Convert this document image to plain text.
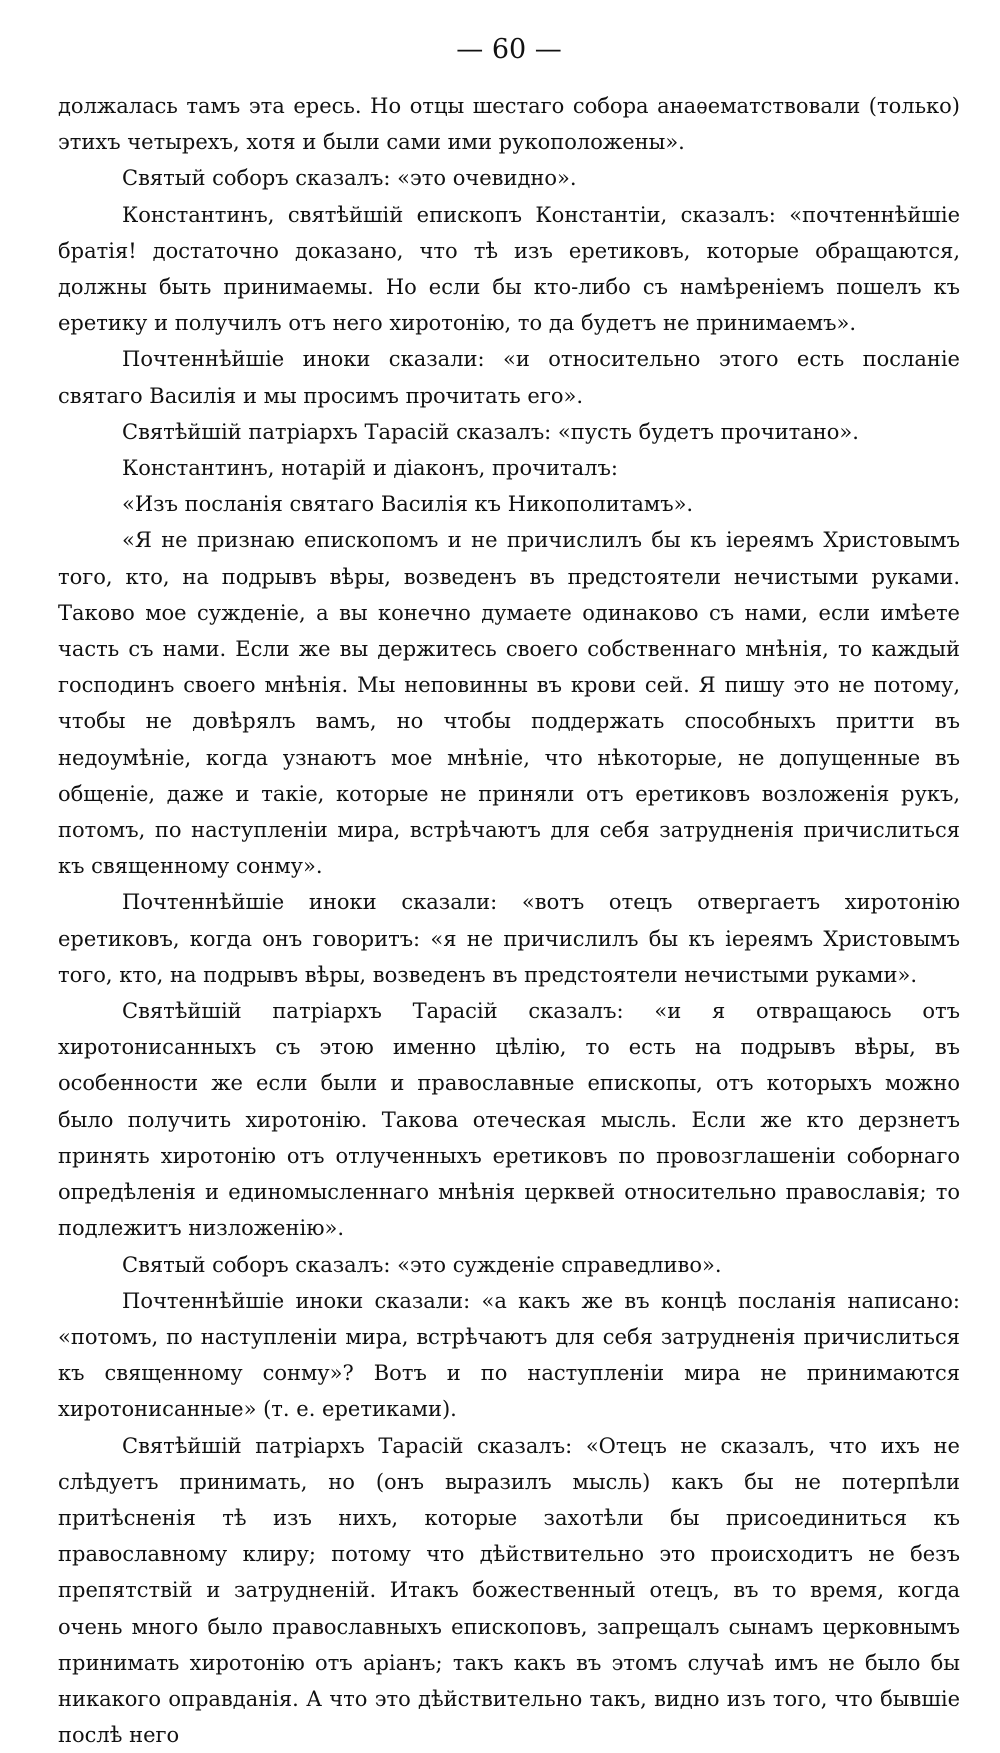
— 60 —

должалась тамъ эта ересь. Но отцы шестаго собора анаѳематствовали (только) этихъ четырехъ, хотя и были сами ими рукоположены».

Святый соборъ сказалъ: «это очевидно».

Константинъ, святѣйшій епископъ Константіи, сказалъ: «почтеннѣйшіе братія! достаточно доказано, что тѣ изъ еретиковъ, которые обращаются, должны быть принимаемы. Но если бы кто-либо съ намѣреніемъ пошелъ къ еретику и получилъ отъ него хиротонію, то да будетъ не принимаемъ».

Почтеннѣйшіе иноки сказали: «и относительно этого есть посланіе святаго Василія и мы просимъ прочитать его».

Святѣйшій патріархъ Тарасій сказалъ: «пусть будетъ прочитано».

Константинъ, нотарій и діаконъ, прочиталъ:

«Изъ посланія святаго Василія къ Никополитамъ».

«Я не признаю епископомъ и не причислилъ бы къ іереямъ Христовымъ того, кто, на подрывъ вѣры, возведенъ въ предстоятели нечистыми руками. Таково мое сужденіе, а вы конечно думаете одинаково съ нами, если имѣете часть съ нами. Если же вы держитесь своего собственнаго мнѣнія, то каждый господинъ своего мнѣнія. Мы неповинны въ крови сей. Я пишу это не потому, чтобы не довѣрялъ вамъ, но чтобы поддержать способныхъ притти въ недоумѣніе, когда узнаютъ мое мнѣніе, что нѣкоторые, не допущенные въ общеніе, даже и такіе, которые не приняли отъ еретиковъ возложенія рукъ, потомъ, по наступленіи мира, встрѣчаютъ для себя затрудненія причислиться къ священному сонму».

Почтеннѣйшіе иноки сказали: «вотъ отецъ отвергаетъ хиротонію еретиковъ, когда онъ говоритъ: «я не причислилъ бы къ іереямъ Христовымъ того, кто, на подрывъ вѣры, возведенъ въ предстоятели нечистыми руками».

Святѣйшій патріархъ Тарасій сказалъ: «и я отвращаюсь отъ хиротонисанныхъ съ этою именно цѣлію, то есть на подрывъ вѣры, въ особенности же если были и православные епископы, отъ которыхъ можно было получить хиротонію. Такова отеческая мысль. Если же кто дерзнетъ принять хиротонію отъ отлученныхъ еретиковъ по провозглашеніи соборнаго опредѣленія и единомысленнаго мнѣнія церквей относительно православія; то подлежитъ низложенію».

Святый соборъ сказалъ: «это сужденіе справедливо».

Почтеннѣйшіе иноки сказали: «а какъ же въ концѣ посланія написано: «потомъ, по наступленіи мира, встрѣчаютъ для себя затрудненія причислиться къ священному сонму»? Вотъ и по наступленіи мира не принимаются хиротонисанные» (т. е. еретиками).

Святѣйшій патріархъ Тарасій сказалъ: «Отецъ не сказалъ, что ихъ не слѣдуетъ принимать, но (онъ выразилъ мысль) какъ бы не потерпѣли притѣсненія тѣ изъ нихъ, которые захотѣли бы присоединиться къ православному клиру; потому что дѣйствительно это происходитъ не безъ препятствій и затрудненій. Итакъ божественный отецъ, въ то время, когда очень много было православныхъ епископовъ, запрещалъ сынамъ церковнымъ принимать хиротонію отъ аріанъ; такъ какъ въ этомъ случаѣ имъ не было бы никакого оправданія. А что это дѣйствительно такъ, видно изъ того, что бывшіе послѣ него
